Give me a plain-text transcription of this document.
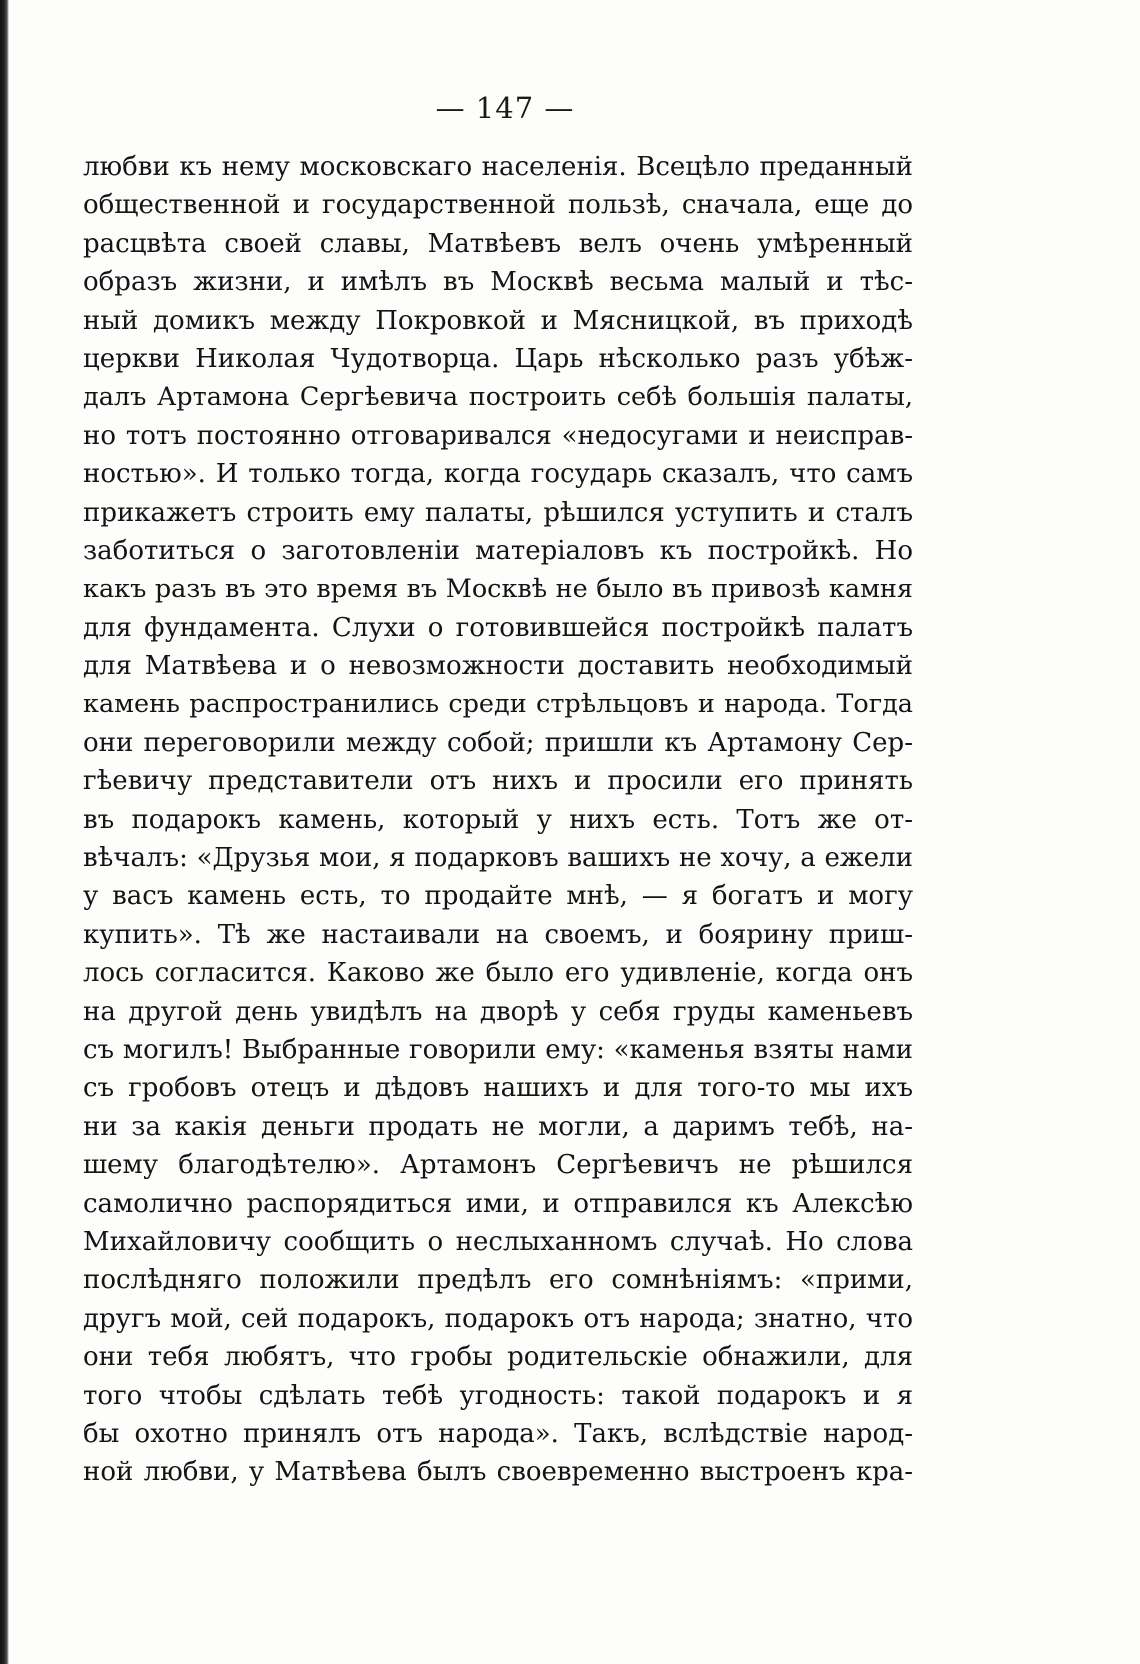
— 147 —
любви къ нему московскаго населенія. Всецѣло преданный
общественной и государственной пользѣ, сначала, еще до
расцвѣта своей славы, Матвѣевъ велъ очень умѣренный
образъ жизни, и имѣлъ въ Москвѣ весьма малый и тѣс-
ный домикъ между Покровкой и Мясницкой, въ приходѣ
церкви Николая Чудотворца. Царь нѣсколько разъ убѣж-
далъ Артамона Сергѣевича построить себѣ большія палаты,
но тотъ постоянно отговаривался «недосугами и неисправ-
ностью». И только тогда, когда государь сказалъ, что самъ
прикажетъ строить ему палаты, рѣшился уступить и сталъ
заботиться о заготовленіи матеріаловъ къ постройкѣ. Но
какъ разъ въ это время въ Москвѣ не было въ привозѣ камня
для фундамента. Слухи о готовившейся постройкѣ палатъ
для Матвѣева и о невозможности доставить необходимый
камень распространились среди стрѣльцовъ и народа. Тогда
они переговорили между собой; пришли къ Артамону Сер-
гѣевичу представители отъ нихъ и просили его принять
въ подарокъ камень, который у нихъ есть. Тотъ же от-
вѣчалъ: «Друзья мои, я подарковъ вашихъ не хочу, а ежели
у васъ камень есть, то продайте мнѣ, — я богатъ и могу
купить». Тѣ же настаивали на своемъ, и боярину приш-
лось согласится. Каково же было его удивленіе, когда онъ
на другой день увидѣлъ на дворѣ у себя груды каменьевъ
съ могилъ! Выбранные говорили ему: «каменья взяты нами
съ гробовъ отецъ и дѣдовъ нашихъ и для того-то мы ихъ
ни за какія деньги продать не могли, а даримъ тебѣ, на-
шему благодѣтелю». Артамонъ Сергѣевичъ не рѣшился
самолично распорядиться ими, и отправился къ Алексѣю
Михайловичу сообщить о неслыханномъ случаѣ. Но слова
послѣдняго положили предѣлъ его сомнѣніямъ: «прими,
другъ мой, сей подарокъ, подарокъ отъ народа; знатно, что
они тебя любятъ, что гробы родительскіе обнажили, для
того чтобы сдѣлать тебѣ угодность: такой подарокъ и я
бы охотно принялъ отъ народа». Такъ, вслѣдствіе народ-
ной любви, у Матвѣева былъ своевременно выстроенъ кра-
